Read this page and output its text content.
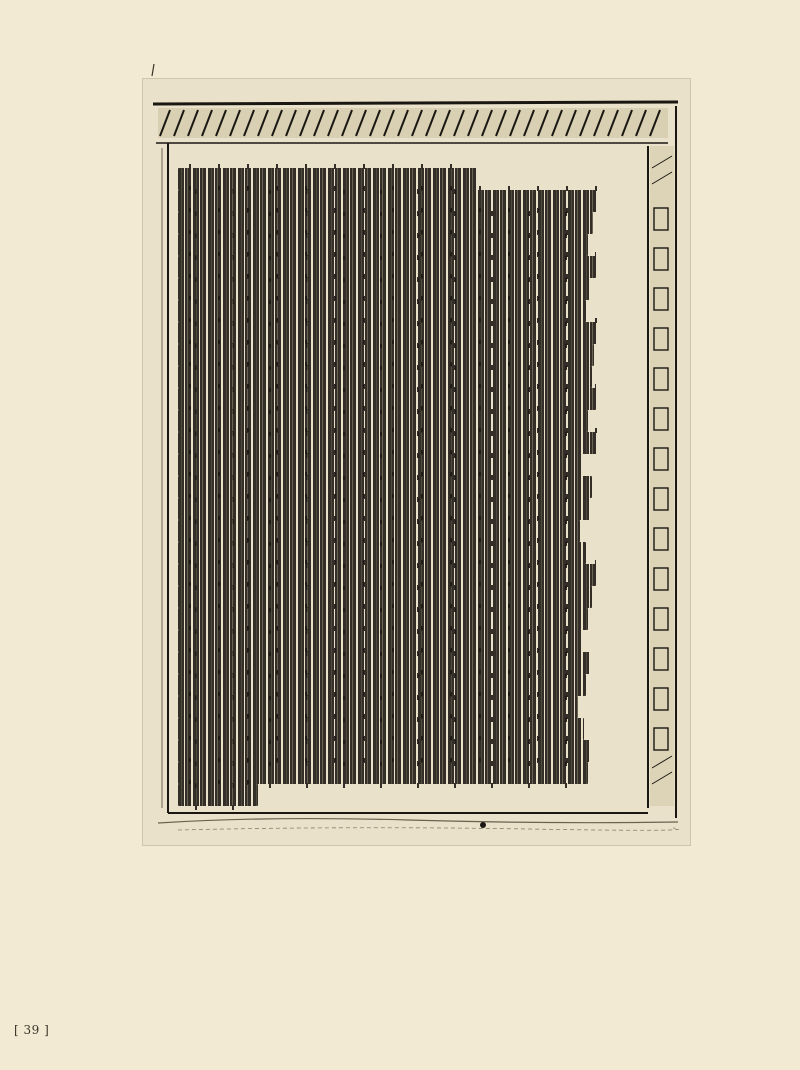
[ 39 ]
